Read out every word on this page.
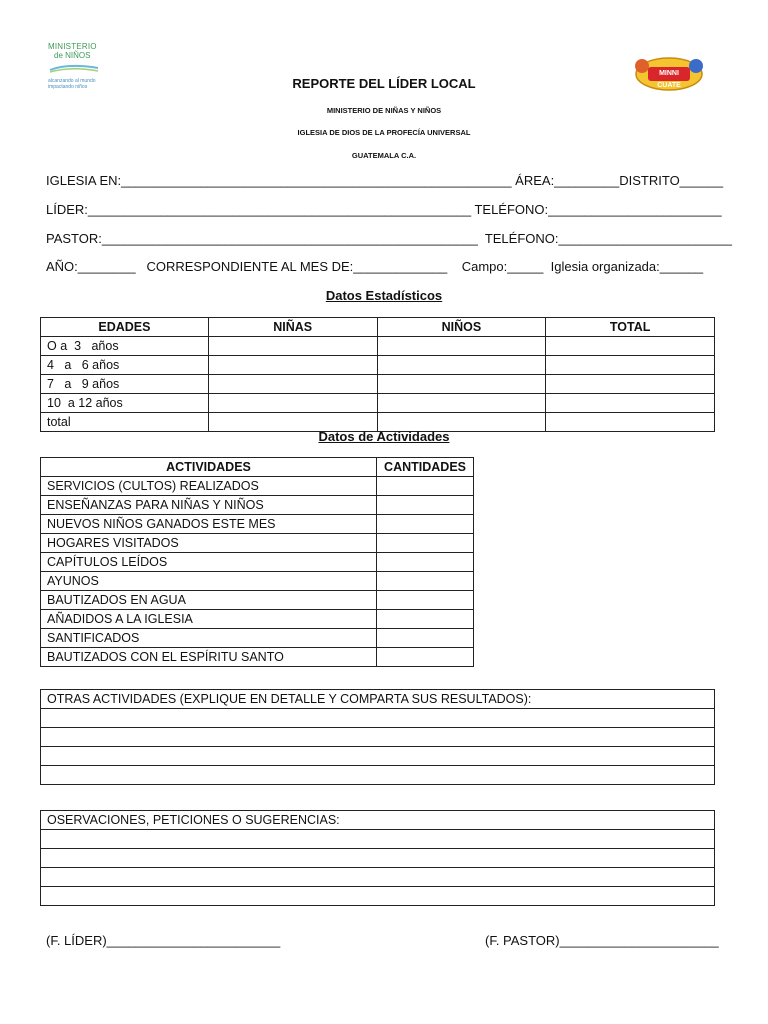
MINISTERIO
de NIÑOS
alcanzando al mundo
impactando niños
MINNI CUATE
REPORTE DEL LÍDER LOCAL
MINISTERIO DE NIÑAS Y NIÑOS
IGLESIA DE DIOS DE LA PROFECÍA UNIVERSAL
GUATEMALA C.A.
IGLESIA EN:______________________________________________________ ÁREA:_________DISTRITO______
LÍDER:_____________________________________________________ TELÉFONO:________________________
PASTOR:____________________________________________________  TELÉFONO:________________________
AÑO:________   CORRESPONDIENTE AL MES DE:_____________    Campo:_____  Iglesia organizada:______
Datos Estadísticos
EDADES	NIÑAS	NIÑOS	TOTAL
O a  3   años			
4   a   6 años			
7   a   9 años			
10  a 12 años			
total			
Datos de Actividades
ACTIVIDADES	CANTIDADES
SERVICIOS (CULTOS) REALIZADOS	
ENSEÑANZAS PARA NIÑAS Y NIÑOS	
NUEVOS NIÑOS GANADOS ESTE MES	
HOGARES VISITADOS	
CAPÍTULOS LEÍDOS	
AYUNOS	
BAUTIZADOS EN AGUA	
AÑADIDOS A LA IGLESIA	
SANTIFICADOS	
BAUTIZADOS CON EL ESPÍRITU SANTO	
OTRAS ACTIVIDADES (EXPLIQUE EN DETALLE Y COMPARTA SUS RESULTADOS):

OSERVACIONES, PETICIONES O SUGERENCIAS:

(F. LÍDER)________________________	(F. PASTOR)______________________
